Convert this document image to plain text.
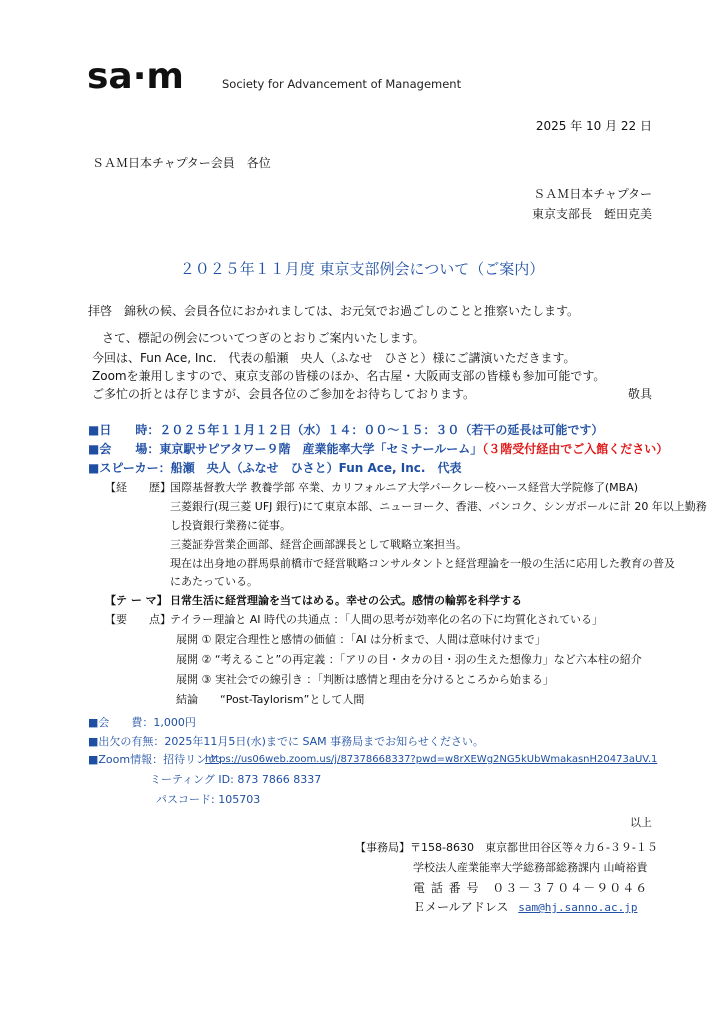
sa·m	Society for Advancement of Management
2025 年 10 月 22 日
ＳＡＭ日本チャプター会員　各位
ＳＡＭ日本チャプター
東京支部長　蛭田克美
２０２５年１１月度 東京支部例会について（ご案内）
拝啓　錦秋の候、会員各位におかれましては、お元気でお過ごしのことと推察いたします。
さて、標記の例会についてつぎのとおりご案内いたします。
今回は、Fun Ace, Inc.　代表の船瀬　央人（ふなせ　ひさと）様にご講演いただきます。
Zoomを兼用しますので、東京支部の皆様のほか、名古屋・大阪両支部の皆様も参加可能です。
ご多忙の折とは存じますが、会員各位のご参加をお待ちしております。	敬具
■日　　時：２０２５年１１月１２日（水）１４：００～１５：３０（若干の延長は可能です）
■会　　場：東京駅サピアタワー９階　産業能率大学「セミナールーム」（３階受付経由でご入館ください）
■スピーカー：船瀬　央人（ふなせ　ひさと）Fun Ace, Inc.　代表
【経　　歴】 国際基督教大学 教養学部 卒業、カリフォルニア大学バークレー校ハース経営大学院修了(MBA)
三菱銀行(現三菱 UFJ 銀行)にて東京本部、ニューヨーク、香港、バンコク、シンガポールに計 20 年以上勤務
し投資銀行業務に従事。
三菱証券営業企画部、経営企画部課長として戦略立案担当。
現在は出身地の群馬県前橋市で経営戦略コンサルタントと経営理論を一般の生活に応用した教育の普及
にあたっている。
【テ ー マ】 日常生活に経営理論を当てはめる。幸せの公式。感情の輪郭を科学する
【要　　点】 テイラー理論と AI 時代の共通点 ：「人間の思考が効率化の名の下に均質化されている」
展開 ① 限定合理性と感情の価値 ：「AI は分析まで、人間は意味付けまで」
展開 ② “考えること”の再定義 ：「アリの目・タカの目・羽の生えた想像力」など六本柱の紹介
展開 ③ 実社会での線引き ：「判断は感情と理由を分けるところから始まる」
結論　　“Post-Taylorism”として人間
■会　　費：1,000円
■出欠の有無：2025年11月5日(水)までに SAM 事務局までお知らせください。
■Zoom情報：招待リンク:
https://us06web.zoom.us/j/87378668337?pwd=w8rXEWg2NG5kUbWmakasnH20473aUV.1
ミーティング ID: 873 7866 8337
パスコード: 105703
以上
【事務局】〒158-8630　東京都世田谷区等々力６-３９-１５
学校法人産業能率大学総務部総務課内 山崎裕貴
電 話 番 号 ０３－３７０４－９０４６
Ｅメールアドレス sam@hj.sanno.ac.jp
